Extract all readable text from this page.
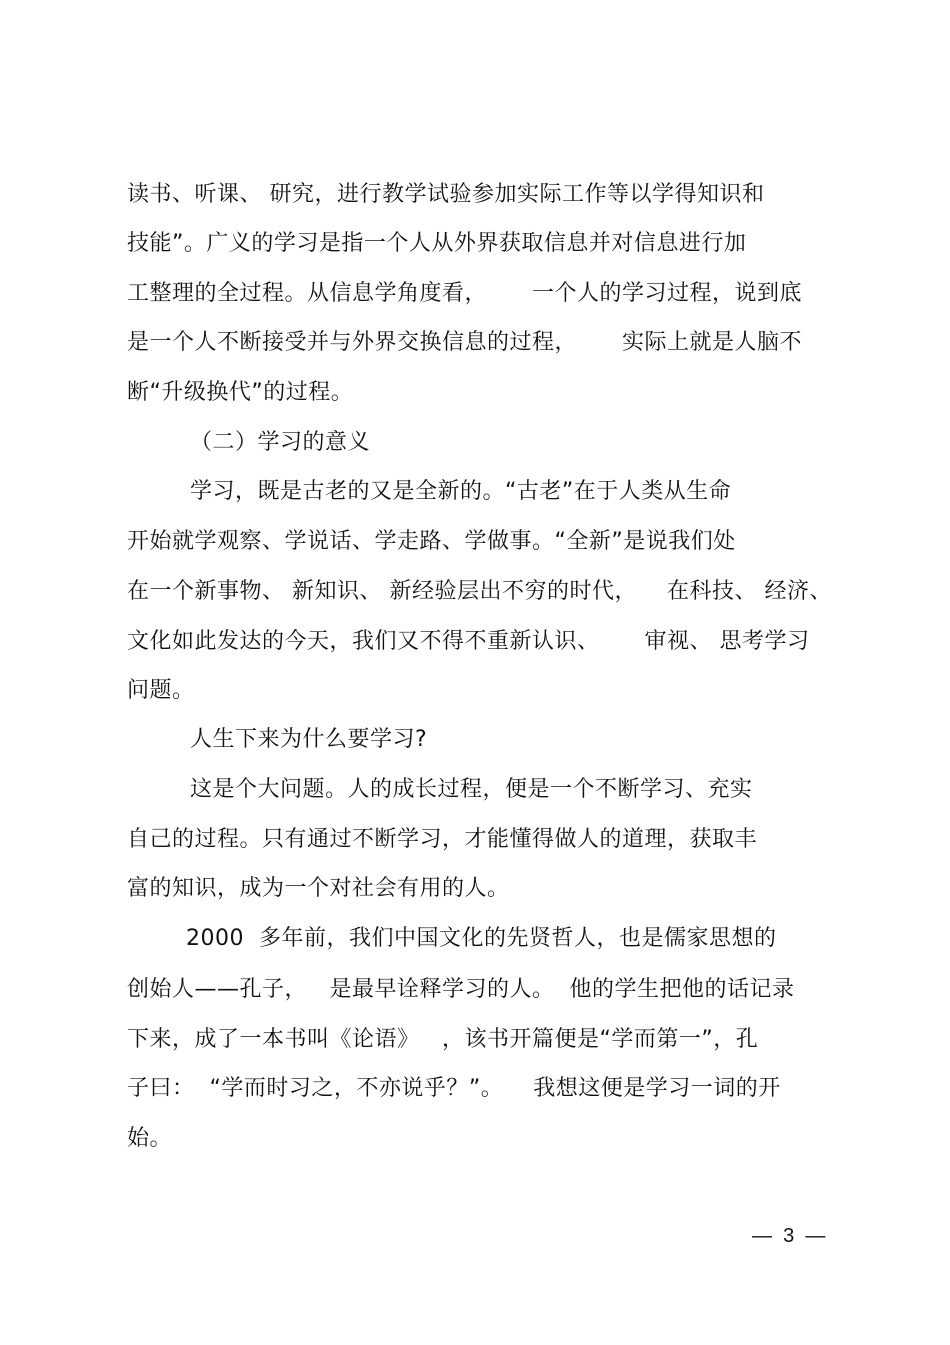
读书、听课、 研究，进行教学试验参加实际工作等以学得知识和
技能”。广义的学习是指一个人从外界获取信息并对信息进行加
工整理的全过程。从信息学角度看，      一个人的学习过程，说到底
是一个人不断接受并与外界交换信息的过程，      实际上就是人脑不
断“升级换代”的过程。
（二）学习的意义
学习，既是古老的又是全新的。“古老”在于人类从生命
开始就学观察、学说话、学走路、学做事。“全新”是说我们处
在一个新事物、 新知识、 新经验层出不穷的时代，    在科技、 经济、
文化如此发达的今天，我们又不得不重新认识、      审视、 思考学习
问题。
人生下来为什么要学习?
这是个大问题。人的成长过程，便是一个不断学习、充实
自己的过程。只有通过不断学习，才能懂得做人的道理，获取丰
富的知识，成为一个对社会有用的人。
2000  多年前，我们中国文化的先贤哲人，也是儒家思想的
创始人——孔子，   是最早诠释学习的人。  他的学生把他的话记录
下来，成了一本书叫《论语》   ，该书开篇便是“学而第一”，孔
子曰：  “学而时习之，不亦说乎？”。    我想这便是学习一词的开
始。
—  3  —
